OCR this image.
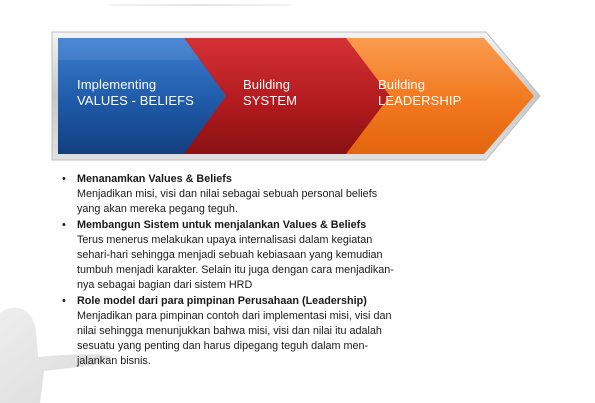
Implementing
VALUES - BELIEFS
Building
SYSTEM
Building
LEADERSHIP
• Menanamkan Values & Beliefs
Menjadikan misi, visi dan nilai sebagai sebuah personal beliefs
yang akan mereka pegang teguh.
• Membangun Sistem untuk menjalankan Values & Beliefs
Terus menerus melakukan upaya internalisasi dalam kegiatan
sehari-hari sehingga menjadi sebuah kebiasaan yang kemudian
tumbuh menjadi karakter. Selain itu juga dengan cara menjadikan-
nya sebagai bagian dari sistem HRD
• Role model dari para pimpinan Perusahaan (Leadership)
Menjadikan para pimpinan contoh dari implementasi misi, visi dan
nilai sehingga menunjukkan bahwa misi, visi dan nilai itu adalah
sesuatu yang penting dan harus dipegang teguh dalam men-
jalankan bisnis.
